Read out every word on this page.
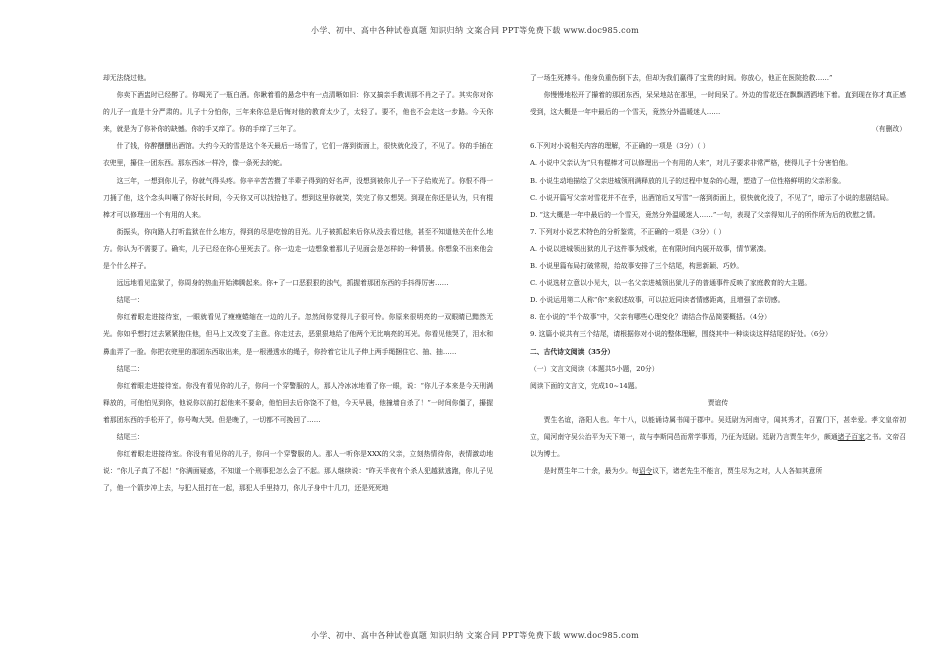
小学、初中、高中各种试卷真题 知识归纳 文案合同 PPT等免费下载 www.doc985.com

却无法绕过他。

你卖下酒盅时已经醉了。你喝光了一瓶白酒。你瞅着看的悬念中有一点清晰如旧：你又搞亲手教训那不肖之子了。其实你对你的儿子一直是十分严肃的。儿子十分怕你，三年来你总是后悔对他的教育太少了，太轻了。要不，他也不会走这一步路。今天你来，就是为了你补你的缺憾。你的手又痒了。你的手痒了三年了。

什了钱，你醉醺醺出酒馆。大约今天的雪是这个冬天最后一场雪了，它们一落到街面上，很快就化没了，不见了。你的手插在衣兜里，攥住一团东西。那东西冰一样冷，像一条死去的蛇。

这三年，一想到你儿子，你就气得头疼。你辛辛苦苦攒了半辈子得到的好名声，没想到被你儿子一下子给败光了。你恨不得一刀捅了他，这个念头叫嚷了你好长时间，今天你又可以找拾他了。想到这里你就笑，笑完了你又想哭。到现在你还是认为，只有棍棒才可以修理出一个有用的人来。

街振头，你向路人打听监狱在什么地方，得到的尽是吃惊的目光。儿子被抓起来后你从没去看过他，甚至不知道他关在什么地方。你认为不需要了。确实，儿子已经在你心里死去了。你一边走一边想象着那儿子见面会是怎样的一种情景。你想象不出来他会是个什么样子。

远远地看见监狱了，你周身的热血开始沸腾起来。你+了一口恶狠狠的浊气，抓握着那团东西的手抖得厉害……

结尾一：

你红着眼走进接待室，一眼就看见了瘦瘦蜷缩在一边的儿子。忽然间你觉得儿子很可怜。你原来很明亮的一双眼睛已黯然无光。你如乎想打过去紧紧抱住他，但马上又改变了主意。你走过去，恶狠狠地给了他两个无比响亮的耳光。你看见他哭了，泪水和鼻血弄了一脸。你把衣兜里的那团东西取出来，是一根漫透水的绳子，你拎着它让儿子伸上两手绳捆住它、抽、抽……

结尾二：

你红着眼走进接待室。你没有看见你的儿子，你问一个穿警服的人，那人冷冰冰地看了你一眼，说：“你儿子本来是今天刑满释放的，可他怕见到你，他说你以前打起他来不要命，他怕回去后你饶不了他，今天早晨，他撞墙自杀了！”一时间你僵了，攥握着那团东西的手松开了，你号啕大哭。但是晚了，一切都不可挽回了……

结尾三：

你红着眼走进接待室。你没有看见你的儿子，你问一个穿警服的人。那人一听你是XXX的父亲，立刻热情待你，表情激动地说：“你儿子真了不起！”你满面疑惑，不知道一个刑事犯怎么会了不起。那人继续说：“昨天半夜有个杀人犯越狱逃跑，你儿子见了，他一个箭步冲上去，与犯人扭打在一起，那犯人手里持刀，你儿子身中十几刀，还是死死地

了一场生死搏斗。他身负重伤倒下去，但却为我们赢得了宝贵的时间。你放心，他正在医院抢救……”

你慢慢地松开了攥着的那团东西，呆呆地站在那里，一时间呆了。外边的雪花还在飘飘洒洒地下着。直到现在你才真正感受到，这大概是一年中最后的一个雪天，竟然分外温暖迷人……

（有删改）

6.下列对小说相关内容的理解，不正确的一项是（3分）（ ）

A. 小说中父亲认为“只有棍棒才可以修理出一个有用的人来”，对儿子要求非常严格，使得儿子十分害怕他。

B. 小说生动地描绘了父亲进城领刑满释放的儿子的过程中复杂的心理，塑造了一位性格鲜明的父亲形象。

C. 小说开篇写父亲对雪花并不在乎，出酒馆后又写雪“一落到街面上，很快就化没了，不见了”，暗示了小说的悲剧结局。

D. “这大概是一年中最后的一个雪天，竟然分外温暖迷人……”一句，表现了父亲得知儿子的所作所为后的欣慰之情。

7. 下列对小说艺术特色的分析鉴赏，不正确的一项是（3分）（ ）

A. 小说以进城领出狱的儿子这件事为线索，在有限时间内展开故事，情节紧凑。

B. 小说里篇布局打破常规，给故事安排了三个结尾，构思新颖、巧妙。

C. 小说选材立意以小见大，以一名父亲进城领出狱儿子的普通事件反映了家庭教育的大主题。

D. 小说运用第二人称“你”来叙述故事，可以拉近同读者情感距离，且增强了亲切感。

8. 在小说的“半个故事”中，父亲有哪些心理变化？请结合作品简要概括。（4分）

9. 这篇小说共有三个结尾，请根据你对小说的整体理解，围绕其中一种谈谈这样结尾的好处。（6分）

二、古代诗文阅读（35分）

（一）文言文阅读（本题共5小题，20分）

阅读下面的文言文，完成10~14题。

贾谊传

贾生名谊，洛阳人也。年十八，以能诵诗属书闻于郡中。吴廷尉为河南守，闻其秀才，召置门下，甚幸爱。孝文皇帝初立，闻河南守吴公治平为天下第一，故与李斯同邑而常学事焉，乃征为廷尉。廷尉乃言贾生年少，颇通诸子百家之书。文帝召以为博士。

是时贾生年二十余，最为少。每诏令议下，诸老先生不能言，贾生尽为之对，人人各如其意所

小学、初中、高中各种试卷真题 知识归纳 文案合同 PPT等免费下载 www.doc985.com
